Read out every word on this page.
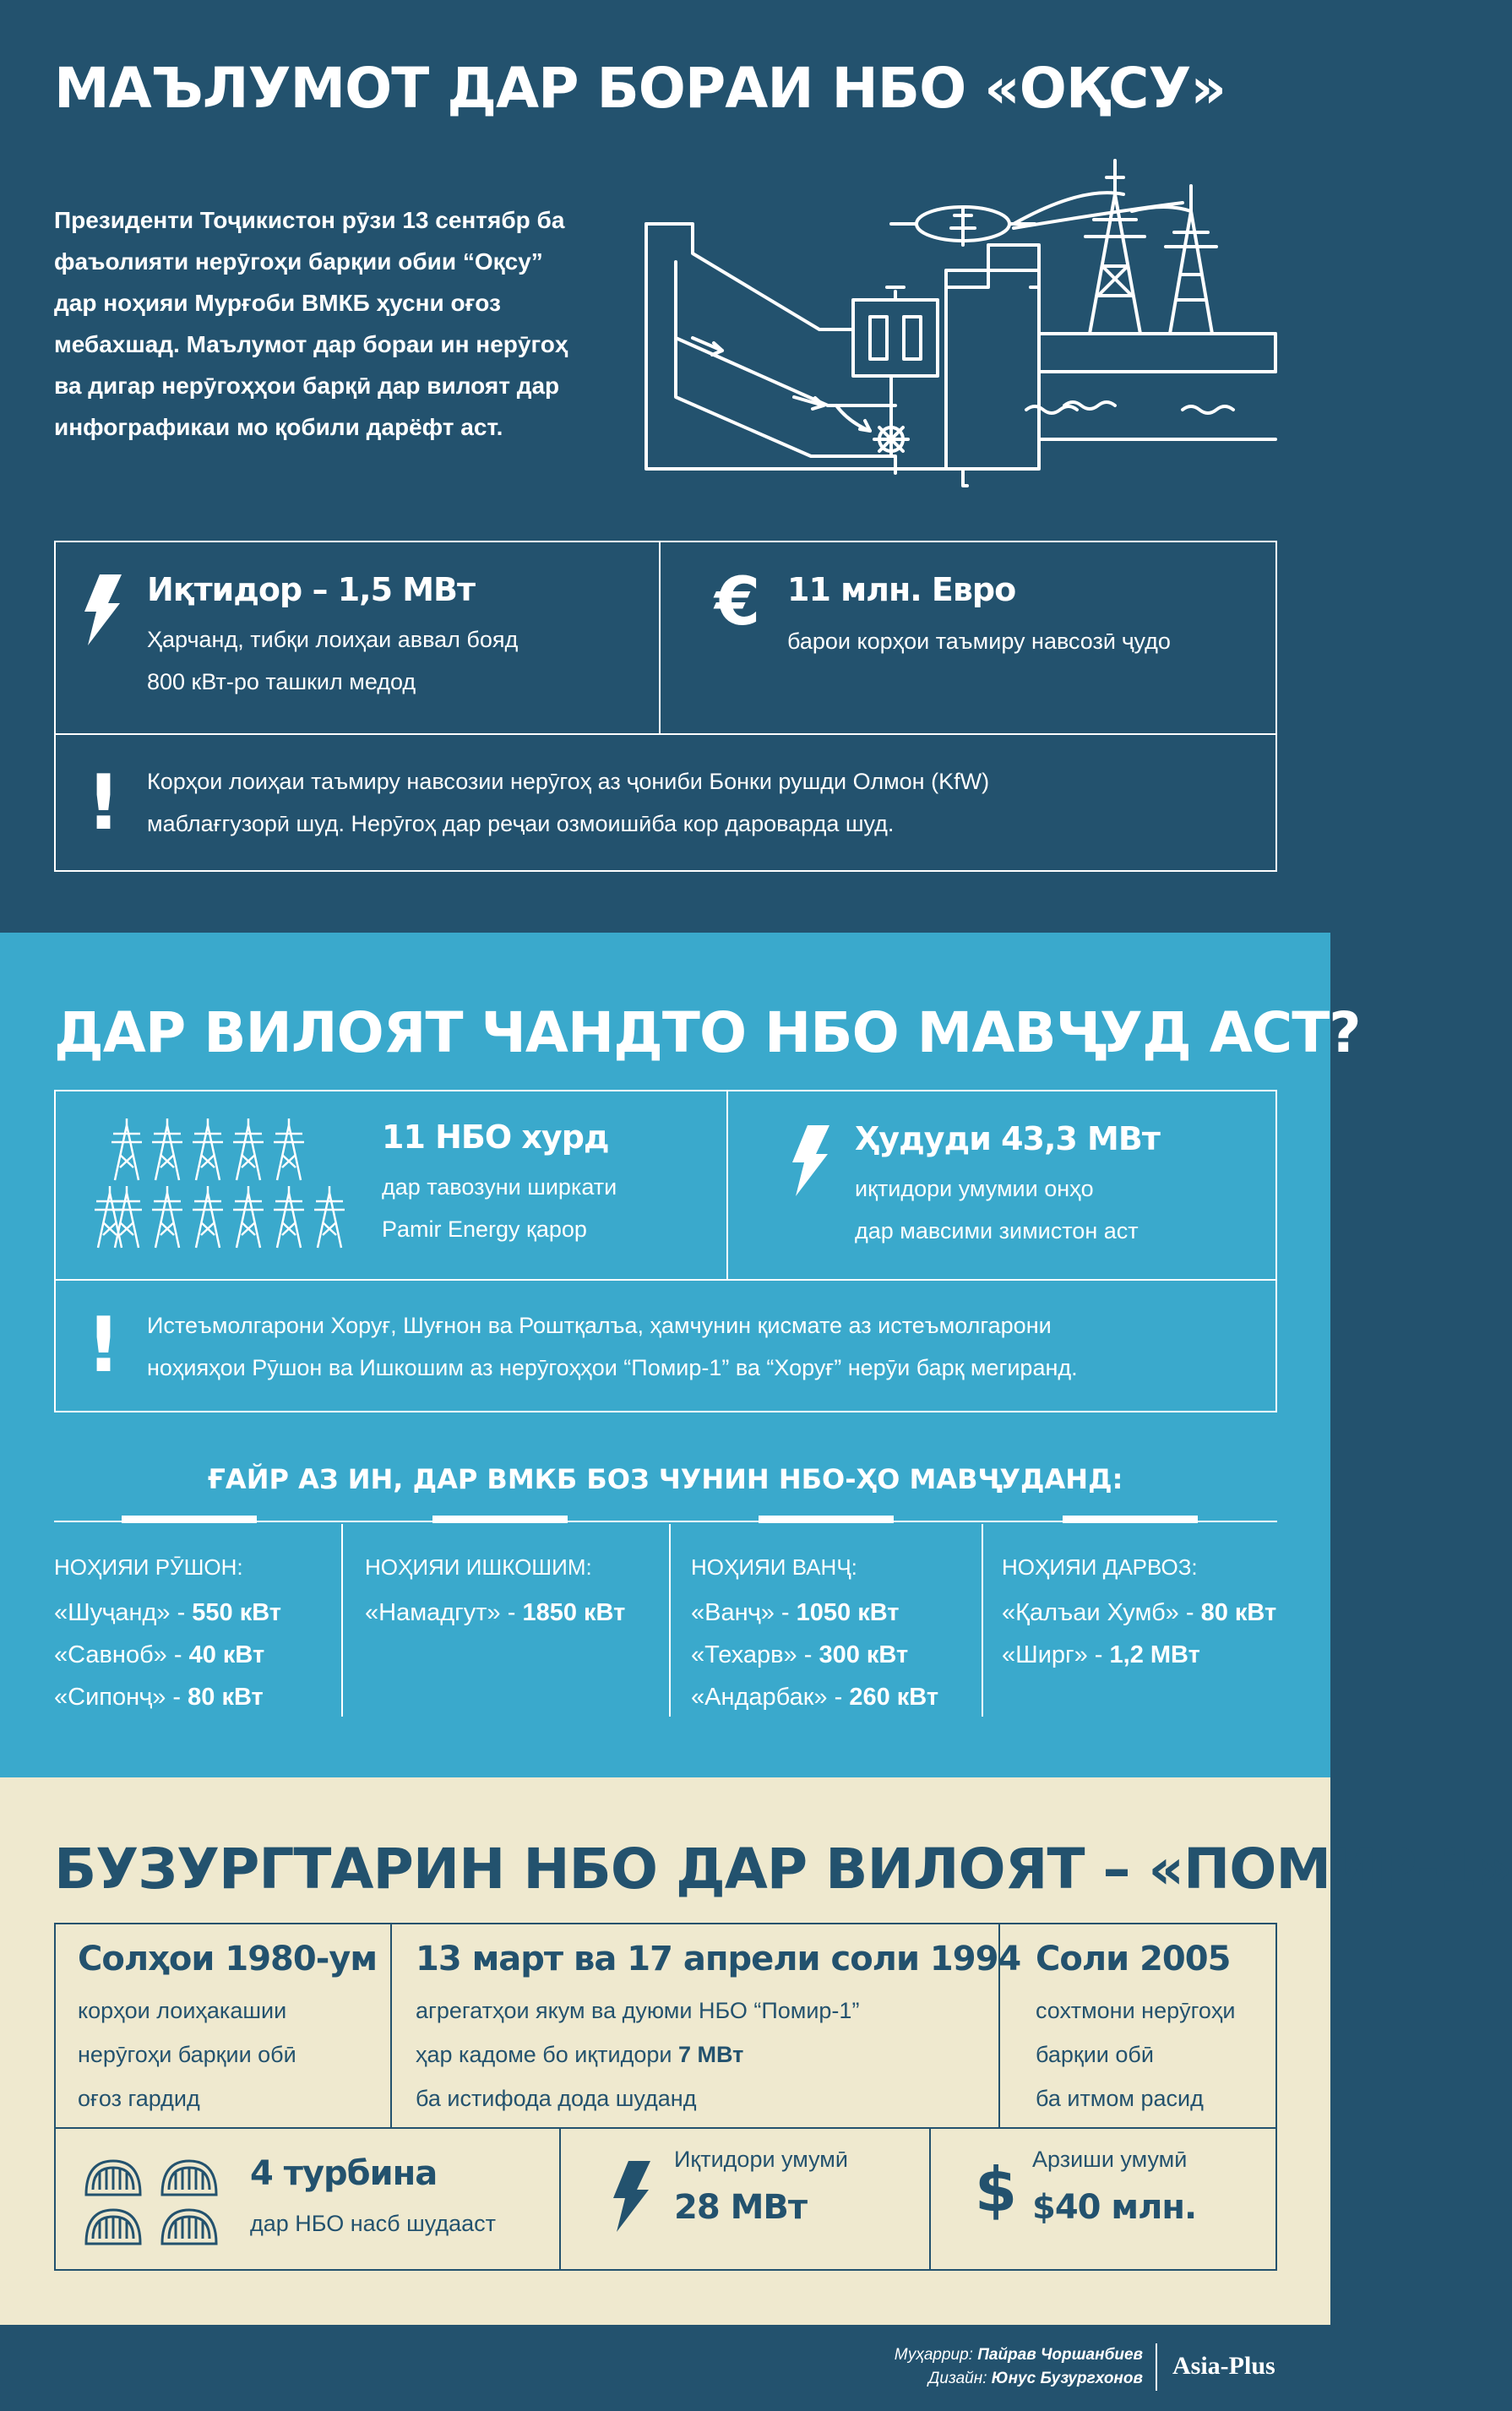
МАЪЛУМОТ ДАР БОРАИ НБО «ОҚСУ»
Президенти Тоҷикистон рӯзи 13 сентябр ба
фаъолияти нерӯгоҳи барқии обии “Оқсу”
дар ноҳияи Мурғоби ВМКБ ҳусни оғоз
мебахшад. Маълумот дар бораи ин нерӯгоҳ
ва дигар нерӯгоҳҳои барқӣ дар вилоят дар
инфографикаи мо қобили дарёфт аст.
Иқтидор – 1,5 МВт
Ҳарчанд, тибқи лоиҳаи аввал бояд
800 кВт-ро ташкил медод
€ 11 млн. Евро
барои корҳои таъмиру навсозӣ ҷудо
! Корҳои лоиҳаи таъмиру навсозии нерӯгоҳ аз ҷониби Бонки рушди Олмон (KfW)
маблағгузорӣ шуд. Нерӯгоҳ дар реҷаи озмоишӣба кор дароварда шуд.
ДАР ВИЛОЯТ ЧАНДТО НБО МАВҶУД АСТ?
11 НБО хурд
дар тавозуни ширкати
Pamir Energy қарор
Ҳудуди 43,3 МВт
иқтидори умумии онҳо
дар мавсими зимистон аст
! Истеъмолгарони Хоруғ, Шуғнон ва Роштқалъа, ҳамчунин қисмате аз истеъмолгарони
ноҳияҳои Рӯшон ва Ишкошим аз нерӯгоҳҳои “Помир-1” ва “Хоруғ” нерӯи барқ мегиранд.
ҒАЙР АЗ ИН, ДАР ВМКБ БОЗ ЧУНИН НБО-ҲО МАВҶУДАНД:
НОҲИЯИ РӮШОН:
«Шуҷанд» - 550 кВт
«Савноб» - 40 кВт
«Сипонҷ» - 80 кВт
НОҲИЯИ ИШКОШИМ:
«Намадгут» - 1850 кВт
НОҲИЯИ ВАНҶ:
«Ванҷ» - 1050 кВт
«Техарв» - 300 кВт
«Андарбак» - 260 кВт
НОҲИЯИ ДАРВОЗ:
«Қалъаи Хумб» - 80 кВт
«Ширг» - 1,2 МВт
БУЗУРГТАРИН НБО ДАР ВИЛОЯТ – «ПОМИР-1»
Солҳои 1980-ум
корҳои лоиҳакашии
нерӯгоҳи барқии обӣ
оғоз гардид
13 март ва 17 апрели соли 1994
агрегатҳои якум ва дуюми НБО “Помир-1”
ҳар кадоме бо иқтидори 7 МВт
ба истифода дода шуданд
Соли 2005
сохтмони нерӯгоҳи
барқии обӣ
ба итмом расид
4 турбина
дар НБО насб шудааст
Иқтидори умумӣ
28 МВт	$ Арзиши умумӣ
$40 млн.
Муҳаррир: Пайрав Чоршанбиев
Дизайн: Юнус Бузургхонов Asia-Plus
